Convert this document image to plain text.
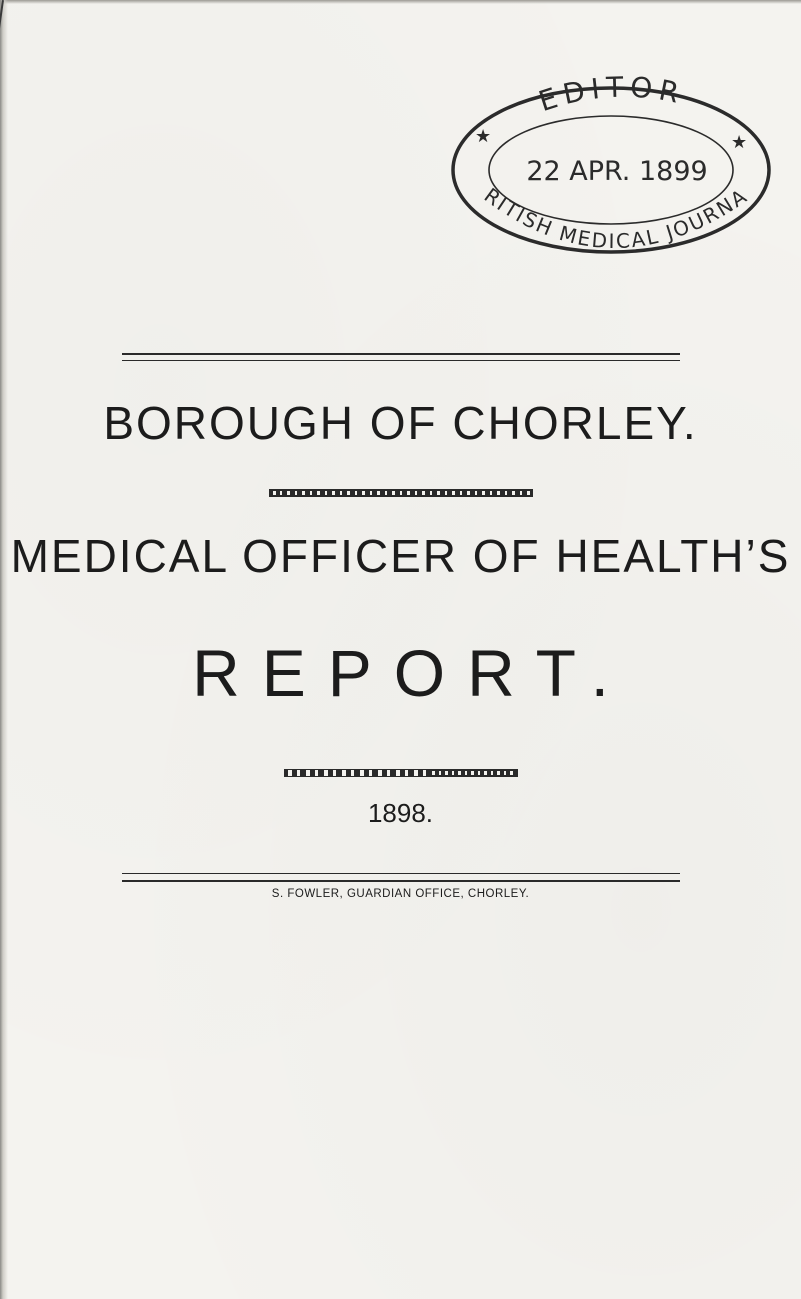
★	★
EDITOR
RITISH MEDICAL JOURNA
22 APR. 1899
BOROUGH OF CHORLEY.
MEDICAL OFFICER OF HEALTH’S
REPORT.
1898.
S. FOWLER, GUARDIAN OFFICE, CHORLEY.
